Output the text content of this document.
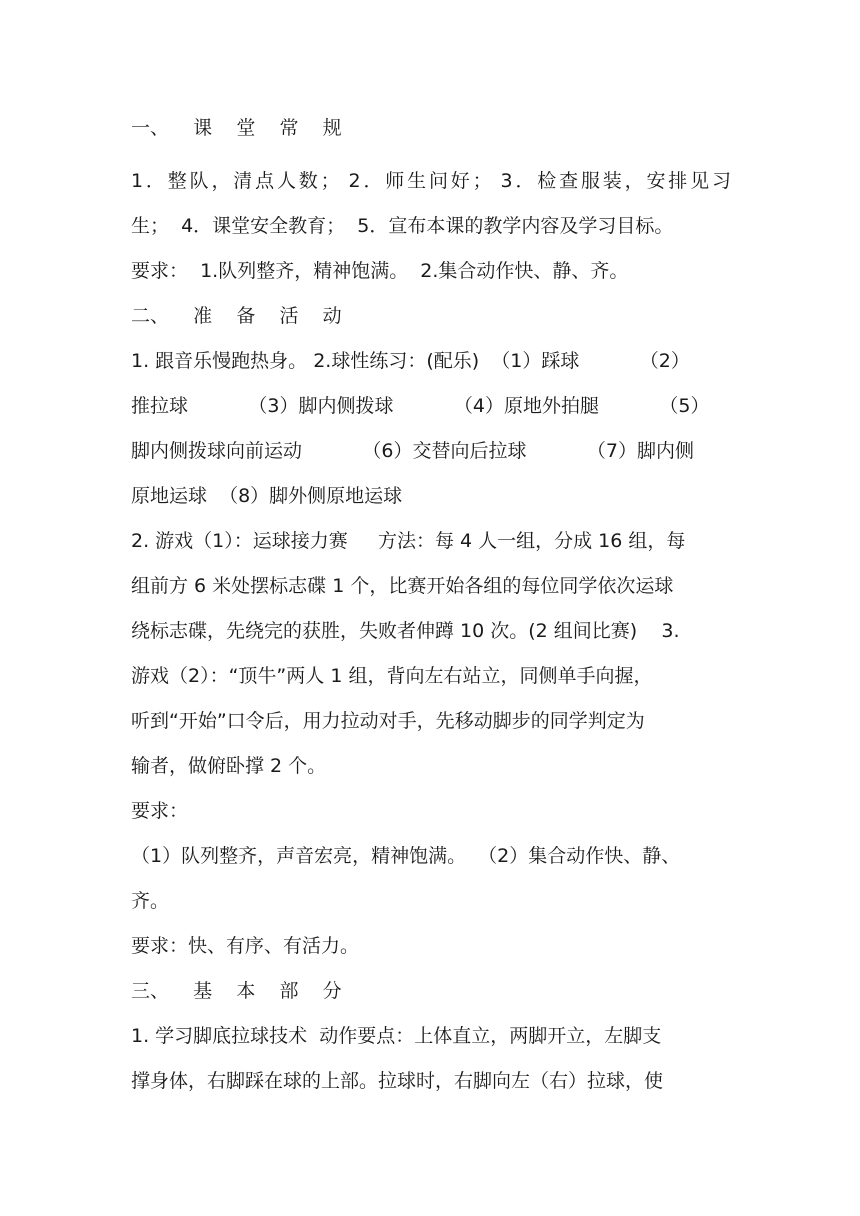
一、    课    堂    常    规
1．整队，清点人数； 2．师生问好； 3．检查服装，安排见习
生；  4．课堂安全教育；  5．宣布本课的教学内容及学习目标。
要求：  1.队列整齐，精神饱满。  2.集合动作快、静、齐。
二、    准    备    活    动
1. 跟音乐慢跑热身。 2.球性练习：(配乐)  （1）踩球          （2）
推拉球          （3）脚内侧拨球          （4）原地外拍腿          （5）
脚内侧拨球向前运动          （6）交替向后拉球          （7）脚内侧
原地运球  （8）脚外侧原地运球
2. 游戏（1）：运球接力赛     方法：每 4 人一组，分成 16 组，每
组前方 6 米处摆标志碟 1 个，比赛开始各组的每位同学依次运球
绕标志碟，先绕完的获胜，失败者伸蹲 10 次。(2 组间比赛)    3.
游戏（2）：“顶牛”两人 1 组，背向左右站立，同侧单手向握，
听到“开始”口令后，用力拉动对手，先移动脚步的同学判定为
输者，做俯卧撑 2 个。
要求：
（1）队列整齐，声音宏亮，精神饱满。  （2）集合动作快、静、
齐。
要求：快、有序、有活力。
三、    基    本    部    分
1. 学习脚底拉球技术  动作要点：上体直立，两脚开立，左脚支
撑身体，右脚踩在球的上部。拉球时，右脚向左（右）拉球，使
